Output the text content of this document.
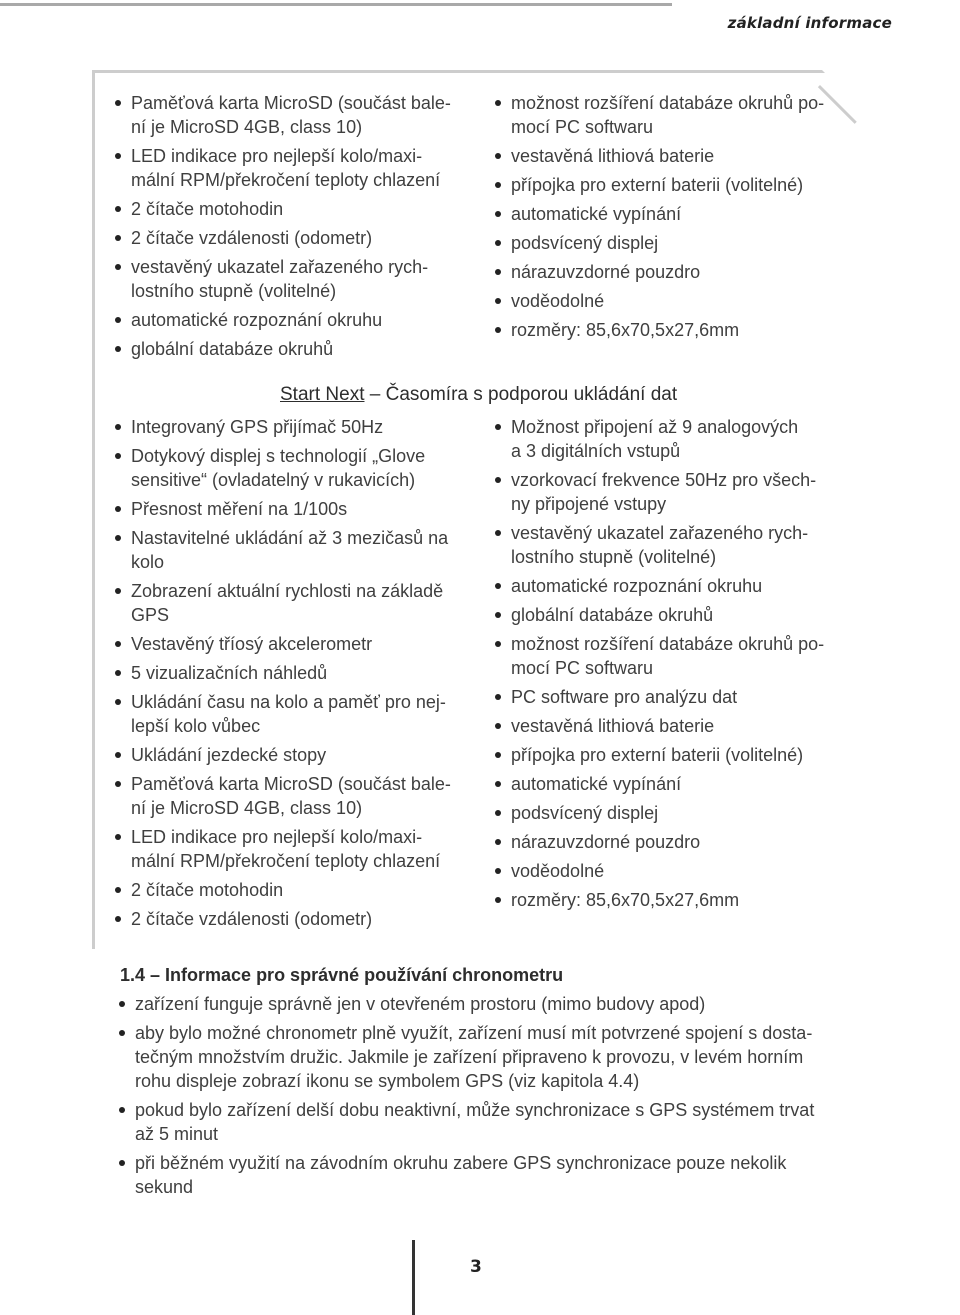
základní informace
Paměťová karta MicroSD (součást bale-
ní je MicroSD 4GB, class 10)
LED indikace pro nejlepší kolo/maxi-
mální RPM/překročení teploty chlazení
2 čítače motohodin
2 čítače vzdálenosti (odometr)
vestavěný ukazatel zařazeného rych-
lostního stupně (volitelné)
automatické rozpoznání okruhu
globální databáze okruhů
možnost rozšíření databáze okruhů po-
mocí PC softwaru
vestavěná lithiová baterie
přípojka pro externí baterii (volitelné)
automatické vypínání
podsvícený displej
nárazuvzdorné pouzdro
voděodolné
rozměry: 85,6x70,5x27,6mm
Start Next – Časomíra s podporou ukládání dat
Integrovaný GPS přijímač 50Hz
Dotykový displej s technologií „Glove
sensitive“ (ovladatelný v rukavicích)
Přesnost měření na 1/100s
Nastavitelné ukládání až 3 mezičasů na
kolo
Zobrazení aktuální rychlosti na základě
GPS
Vestavěný tříosý akcelerometr
5 vizualizačních náhledů
Ukládání času na kolo a paměť pro nej-
lepší kolo vůbec
Ukládání jezdecké stopy
Paměťová karta MicroSD (součást bale-
ní je MicroSD 4GB, class 10)
LED indikace pro nejlepší kolo/maxi-
mální RPM/překročení teploty chlazení
2 čítače motohodin
2 čítače vzdálenosti (odometr)
Možnost připojení až 9 analogových
a 3 digitálních vstupů
vzorkovací frekvence 50Hz pro všech-
ny připojené vstupy
vestavěný ukazatel zařazeného rych-
lostního stupně (volitelné)
automatické rozpoznání okruhu
globální databáze okruhů
možnost rozšíření databáze okruhů po-
mocí PC softwaru
PC software pro analýzu dat
vestavěná lithiová baterie
přípojka pro externí baterii (volitelné)
automatické vypínání
podsvícený displej
nárazuvzdorné pouzdro
voděodolné
rozměry: 85,6x70,5x27,6mm
1.4 – Informace pro správné používání chronometru
zařízení funguje správně jen v otevřeném prostoru (mimo budovy apod)
aby bylo možné chronometr plně využít, zařízení musí mít potvrzené spojení s dosta-
tečným množstvím družic. Jakmile je zařízení připraveno k provozu, v levém horním
rohu displeje zobrazí ikonu se symbolem GPS (viz kapitola 4.4)
pokud bylo zařízení delší dobu neaktivní, může synchronizace s GPS systémem trvat
až 5 minut
při běžném využití na závodním okruhu zabere GPS synchronizace pouze nekolik
sekund
3
